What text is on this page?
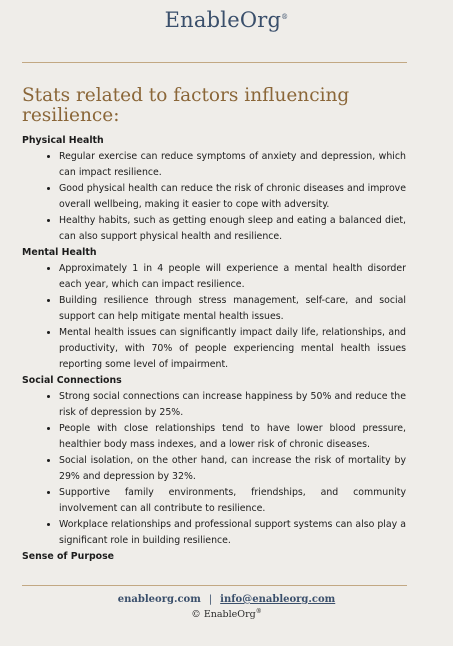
EnableOrg®
Stats related to factors influencing resilience:

Physical Health

• Regular exercise can reduce symptoms of anxiety and depression, which can impact resilience.
• Good physical health can reduce the risk of chronic diseases and improve overall wellbeing, making it easier to cope with adversity.
• Healthy habits, such as getting enough sleep and eating a balanced diet, can also support physical health and resilience.

Mental Health

• Approximately 1 in 4 people will experience a mental health disorder each year, which can impact resilience.
• Building resilience through stress management, self-care, and social support can help mitigate mental health issues.
• Mental health issues can significantly impact daily life, relationships, and productivity, with 70% of people experiencing mental health issues reporting some level of impairment.

Social Connections

• Strong social connections can increase happiness by 50% and reduce the risk of depression by 25%.
• People with close relationships tend to have lower blood pressure, healthier body mass indexes, and a lower risk of chronic diseases.
• Social isolation, on the other hand, can increase the risk of mortality by 29% and depression by 32%.
• Supportive family environments, friendships, and community involvement can all contribute to resilience.
• Workplace relationships and professional support systems can also play a significant role in building resilience.

Sense of Purpose

enableorg.com | info@enableorg.com
© EnableOrg®
